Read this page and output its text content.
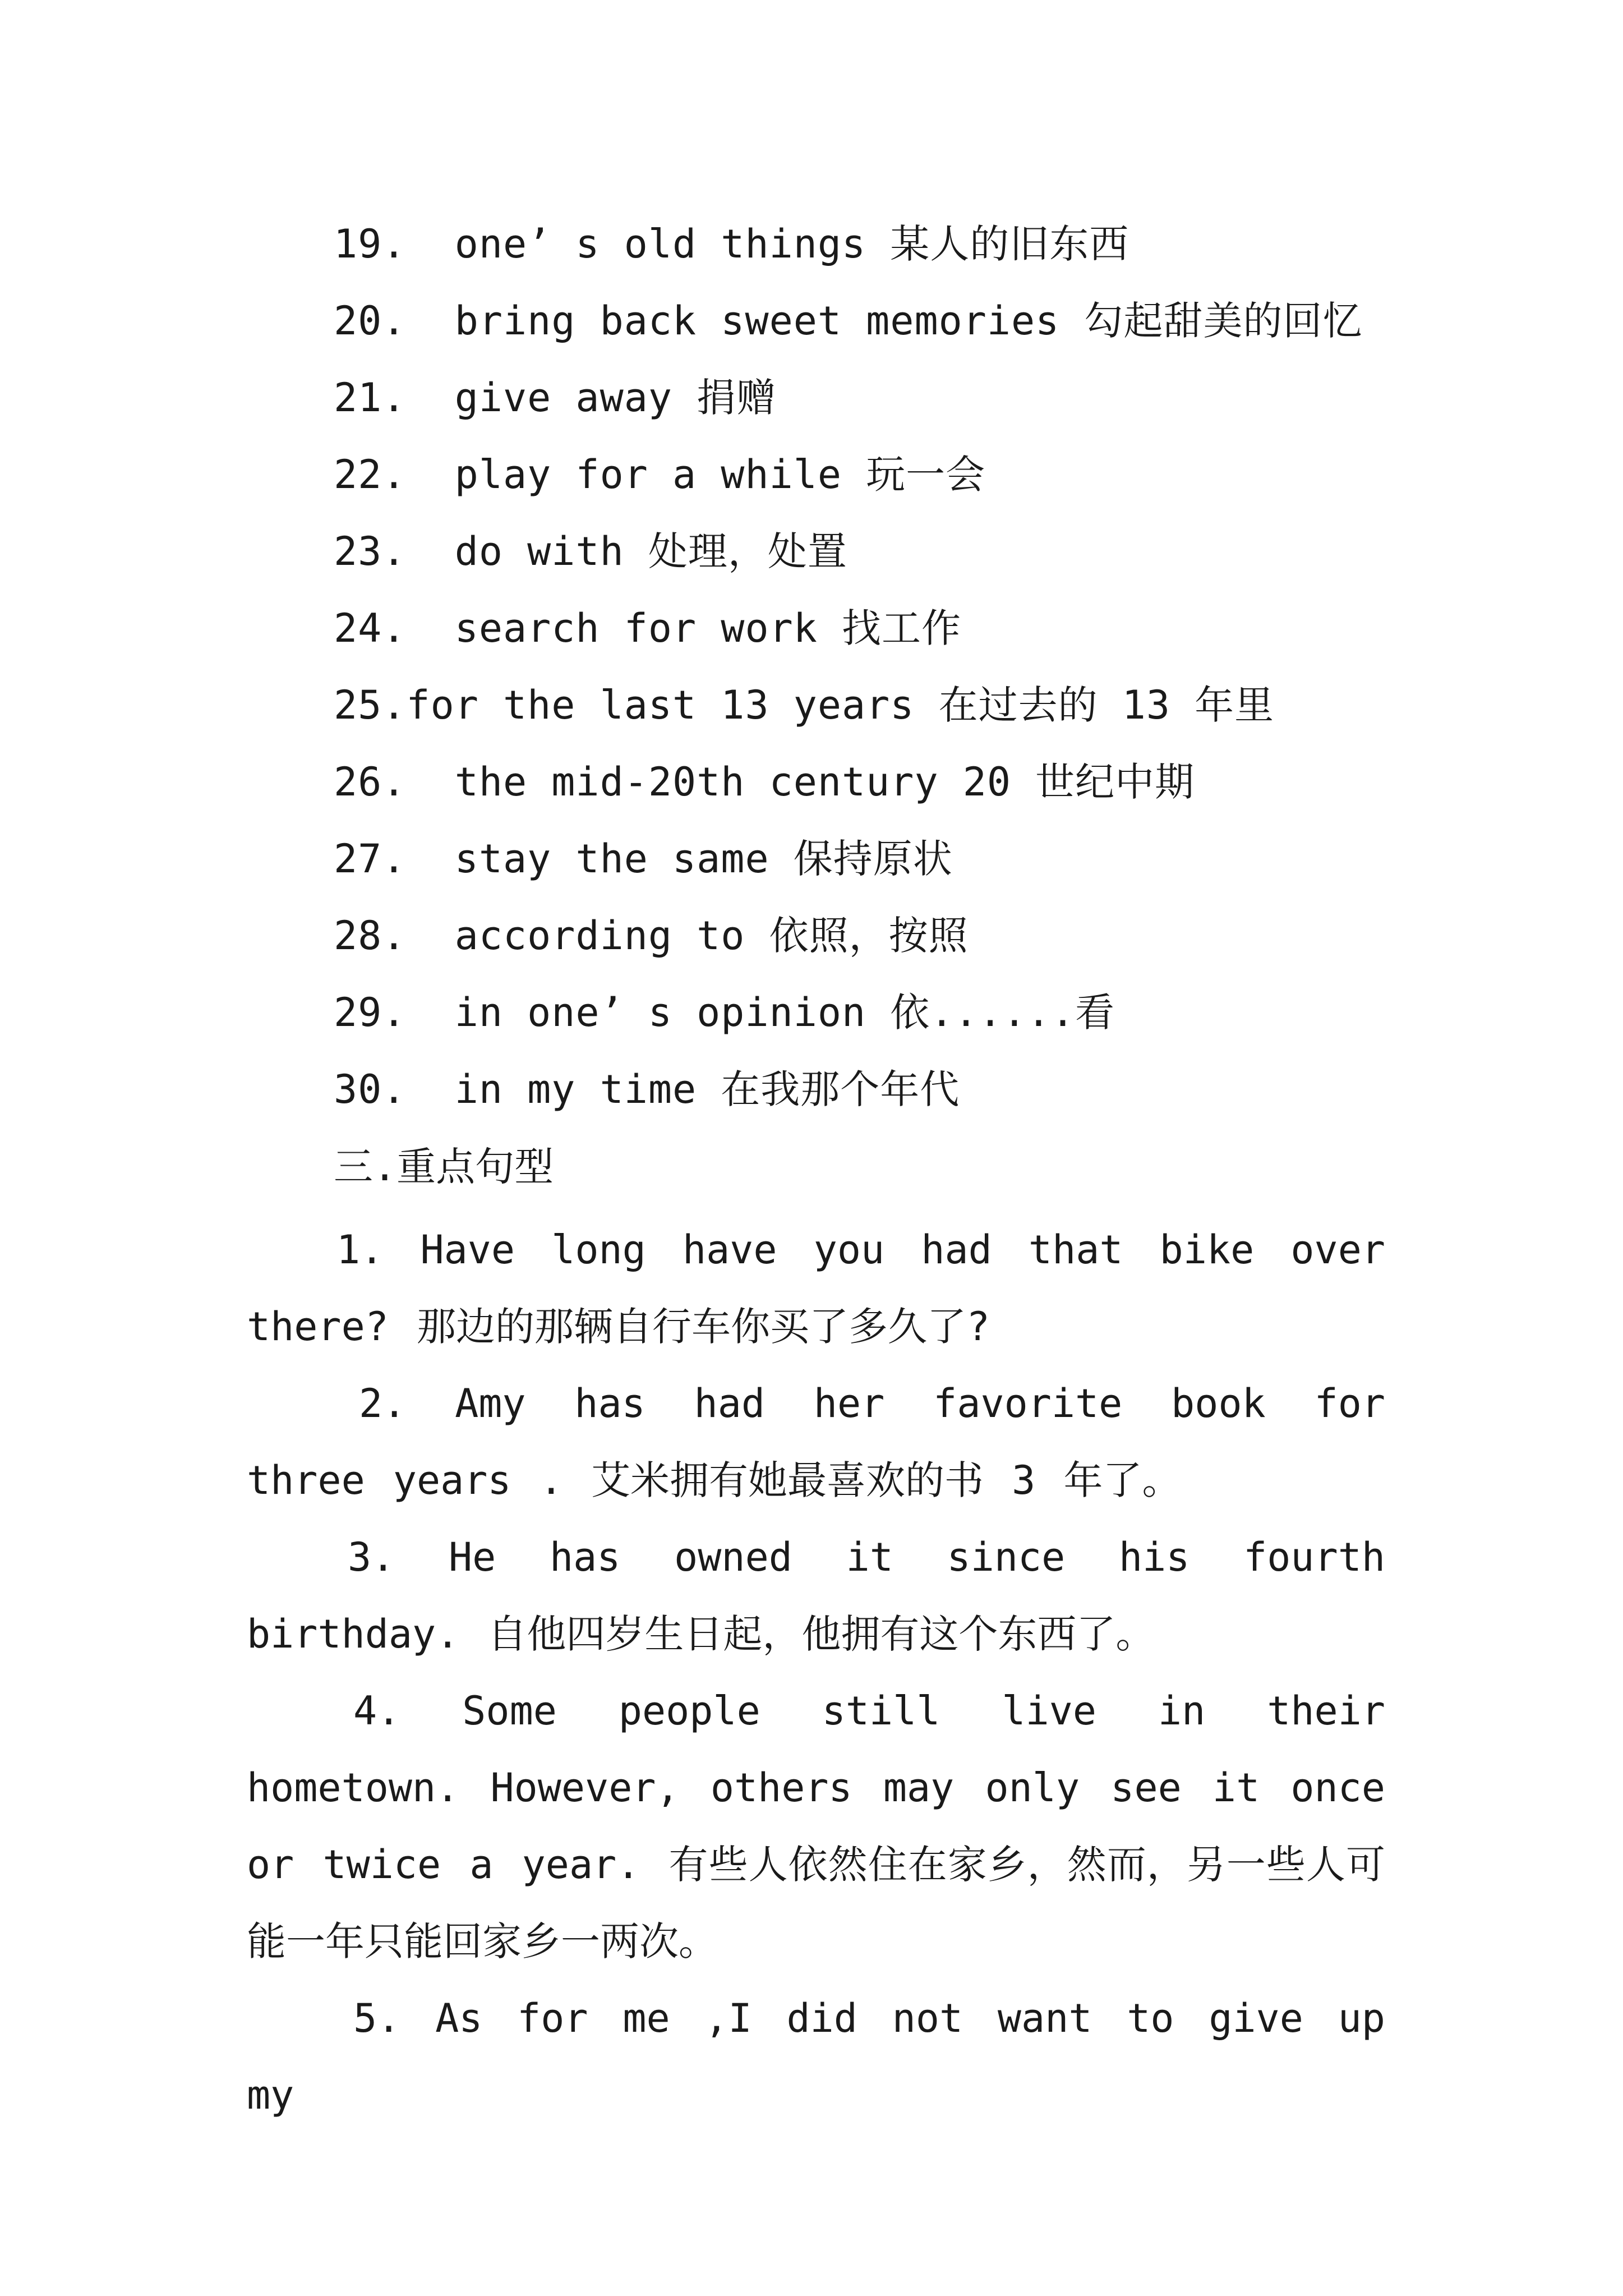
19.  one’ s old things 某人的旧东西
20.  bring back sweet memories 勾起甜美的回忆
21.  give away 捐赠
22.  play for a while 玩一会
23.  do with 处理，处置
24.  search for work 找工作
25.for the last 13 years 在过去的 13 年里
26.  the mid-20th century 20 世纪中期
27.  stay the same 保持原状
28.  according to 依照，按照
29.  in one’ s opinion 依......看
30.  in my time 在我那个年代
三.重点句型

1. Have long have you had that bike over there? 那边的那辆自行车你买了多久了?

2. Amy has had her favorite book for three years . 艾米拥有她最喜欢的书 3 年了。

3. He has owned it since his fourth birthday. 自他四岁生日起，他拥有这个东西了。

4. Some people still live in their hometown. However, others may only see it once or twice a year. 有些人依然住在家乡，然而，另一些人可能一年只能回家乡一两次。

5. As for me ,I did not want to give up my
